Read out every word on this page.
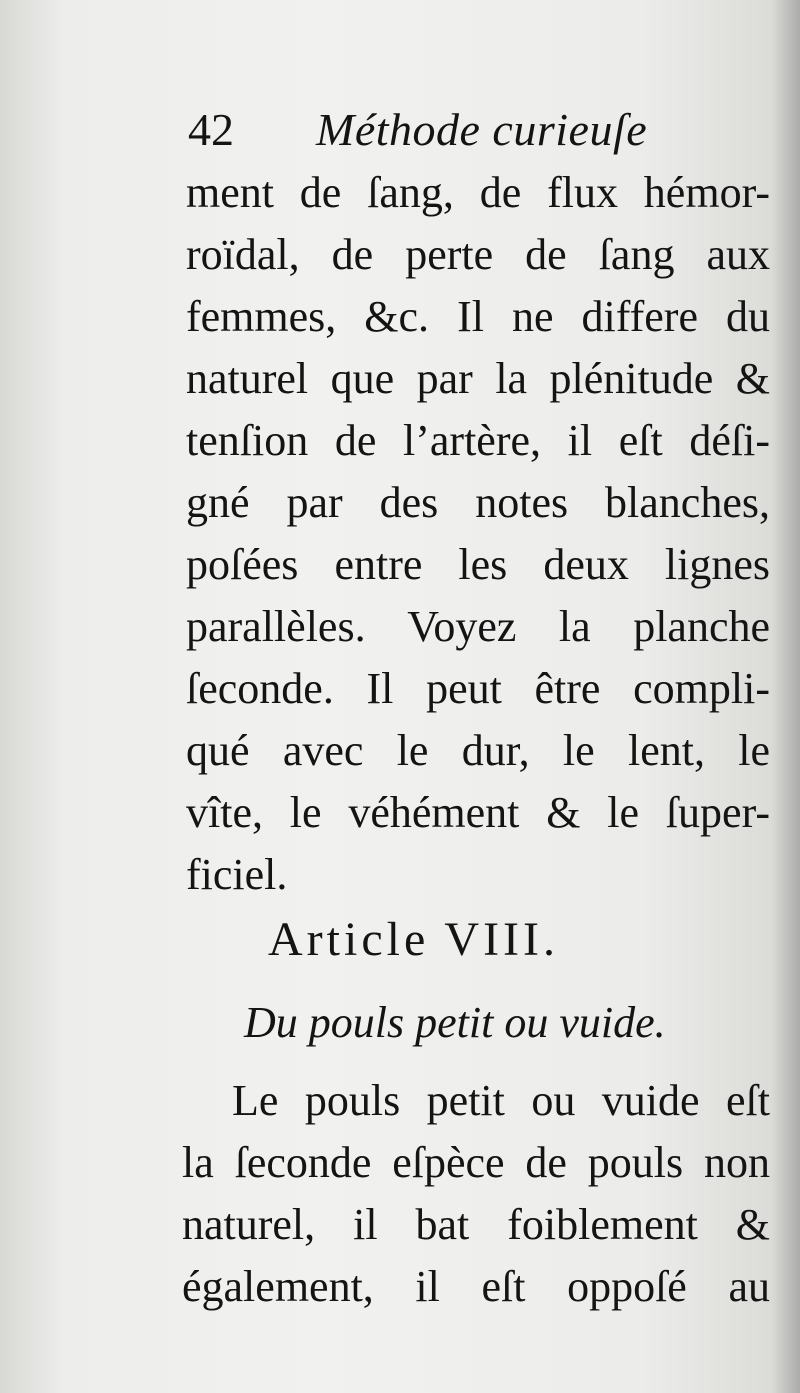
42 Méthode curieuſe
ment de ſang, de flux hémor-
roïdal, de perte de ſang aux
femmes, &c. Il ne differe du
naturel que par la plénitude &
tenſion de l’artère, il eſt déſi-
gné par des notes blanches,
poſées entre les deux lignes
parallèles. Voyez la planche
ſeconde. Il peut être compli-
qué avec le dur, le lent, le
vîte, le véhément & le ſuper-
ficiel.
Article VIII.
Du pouls petit ou vuide.
Le pouls petit ou vuide eſt
la ſeconde eſpèce de pouls non
naturel, il bat foiblement &
également, il eſt oppoſé au
